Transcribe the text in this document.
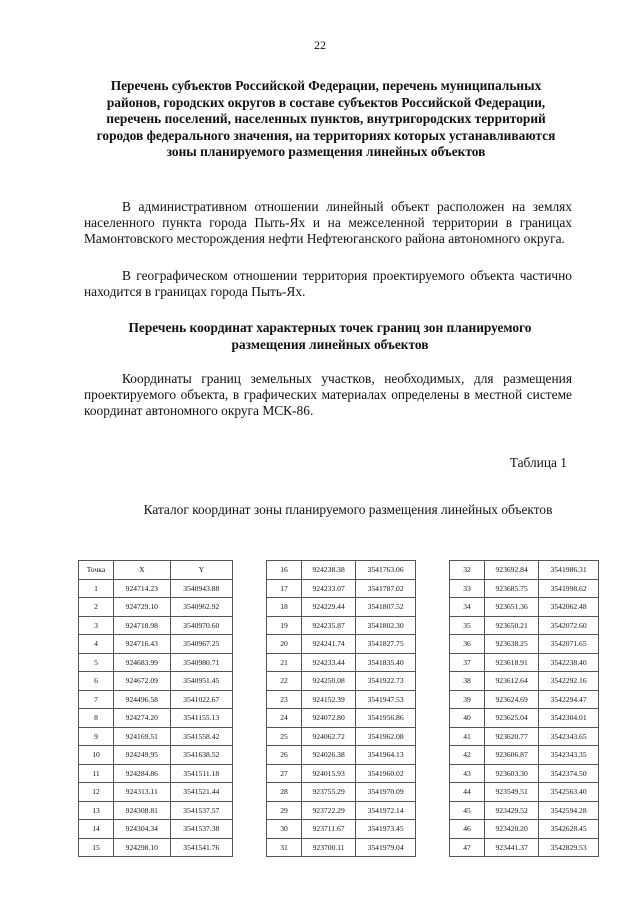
22
Перечень субъектов Российской Федерации, перечень муниципальных районов, городских округов в составе субъектов Российской Федерации, перечень поселений, населенных пунктов, внутригородских территорий городов федерального значения, на территориях которых устанавливаются зоны планируемого размещения линейных объектов

В административном отношении линейный объект расположен на землях населенного пункта города Пыть-Ях и на межселенной территории в границах Мамонтовского месторождения нефти Нефтеюганского района автономного округа.

В географическом отношении территория проектируемого объекта частично находится в границах города Пыть-Ях.

Перечень координат характерных точек границ зон планируемого размещения линейных объектов

Координаты границ земельных участков, необходимых, для размещения проектируемого объекта, в графических материалах определены в местной системе координат автономного округа МСК-86.

Таблица 1
Каталог координат зоны планируемого размещения линейных объектов
Точка	X	Y
1	924714.23	3540943.88
2	924729.10	3540962.92
3	924718.98	3540970.60
4	924716.43	3540967.25
5	924683.99	3540980.71
6	924672.09	3540951.45
7	924496.58	3541022.67
8	924274.20	3541155.13
9	924169.51	3541558.42
10	924249.95	3541638.52
11	924284.86	3541511.18
12	924313.11	3541521.44
13	924308.81	3541537.57
14	924304.34	3541537.38
15	924298.10	3541541.76
16	924238.38	3541763.06
17	924233.07	3541787.02
18	924229.44	3541807.52
19	924235.87	3541802.30
20	924241.74	3541827.75
21	924233.44	3541835.40
22	924250.08	3541922.73
23	924152.39	3541947.53
24	924072.80	3541956.86
25	924062.72	3541962.08
26	924026.38	3541964.13
27	924015.93	3541960.02
28	923755.29	3541970.09
29	923722.29	3541972.14
30	923711.67	3541973.45
31	923700.11	3541979.04
32	923692.84	3541986.31
33	923685.75	3541998.62
34	923651.36	3542062.48
35	923650.21	3542072.60
36	923638.25	3542071.65
37	923618.91	3542238.40
38	923612.64	3542292.16
39	923624.69	3542294.47
40	923625.04	3542304.01
41	923620.77	3542343.65
42	923606.87	3542343.35
43	923603.30	3542374.50
44	923549.51	3542563.40
45	923429.52	3542594.28
46	923420.20	3542628.45
47	923441.37	3542829.53
